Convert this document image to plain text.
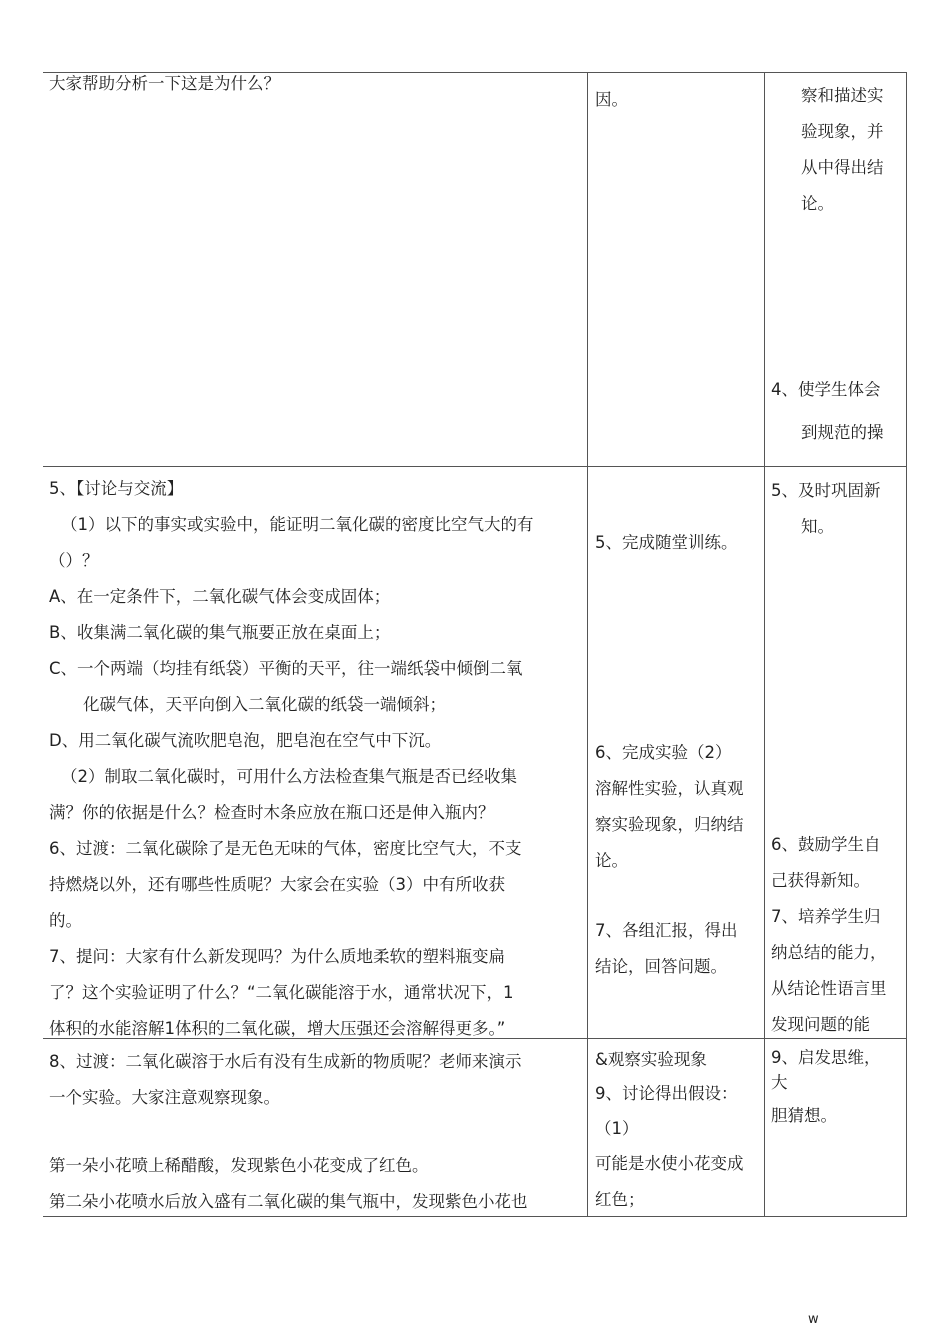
大家帮助分析一下这是为什么？

因。	察和描述实

验现象，并

从中得出结

论。

4、使学生体会

到规范的操

5、【讨论与交流】

（1）以下的事实或实验中，能证明二氧化碳的密度比空气大的有

（）？

A、在一定条件下，二氧化碳气体会变成固体；

B、收集满二氧化碳的集气瓶要正放在桌面上；

C、一个两端（均挂有纸袋）平衡的天平，往一端纸袋中倾倒二氧

化碳气体，天平向倒入二氧化碳的纸袋一端倾斜；

D、用二氧化碳气流吹肥皂泡，肥皂泡在空气中下沉。

（2）制取二氧化碳时，可用什么方法检查集气瓶是否已经收集

满？你的依据是什么？检查时木条应放在瓶口还是伸入瓶内？

6、过渡：二氧化碳除了是无色无味的气体，密度比空气大，不支

持燃烧以外，还有哪些性质呢？大家会在实验（3）中有所收获

的。

7、提问：大家有什么新发现吗？为什么质地柔软的塑料瓶变扁

了？这个实验证明了什么？“二氧化碳能溶于水，通常状况下，1

体积的水能溶解1体积的二氧化碳，增大压强还会溶解得更多。”

5、完成随堂训练。

6、完成实验（2）

溶解性实验，认真观

察实验现象，归纳结

论。

7、各组汇报，得出

结论，回答问题。

5、及时巩固新

知。

6、鼓励学生自

己获得新知。

7、培养学生归

纳总结的能力，

从结论性语言里

发现问题的能

8、过渡：二氧化碳溶于水后有没有生成新的物质呢？老师来演示

一个实验。大家注意观察现象。

第一朵小花喷上稀醋酸，发现紫色小花变成了红色。

第二朵小花喷水后放入盛有二氧化碳的集气瓶中，发现紫色小花也

&观察实验现象

9、讨论得出假设：

（1）

可能是水使小花变成

红色；

9、启发思维，

大

胆猜想。

w
